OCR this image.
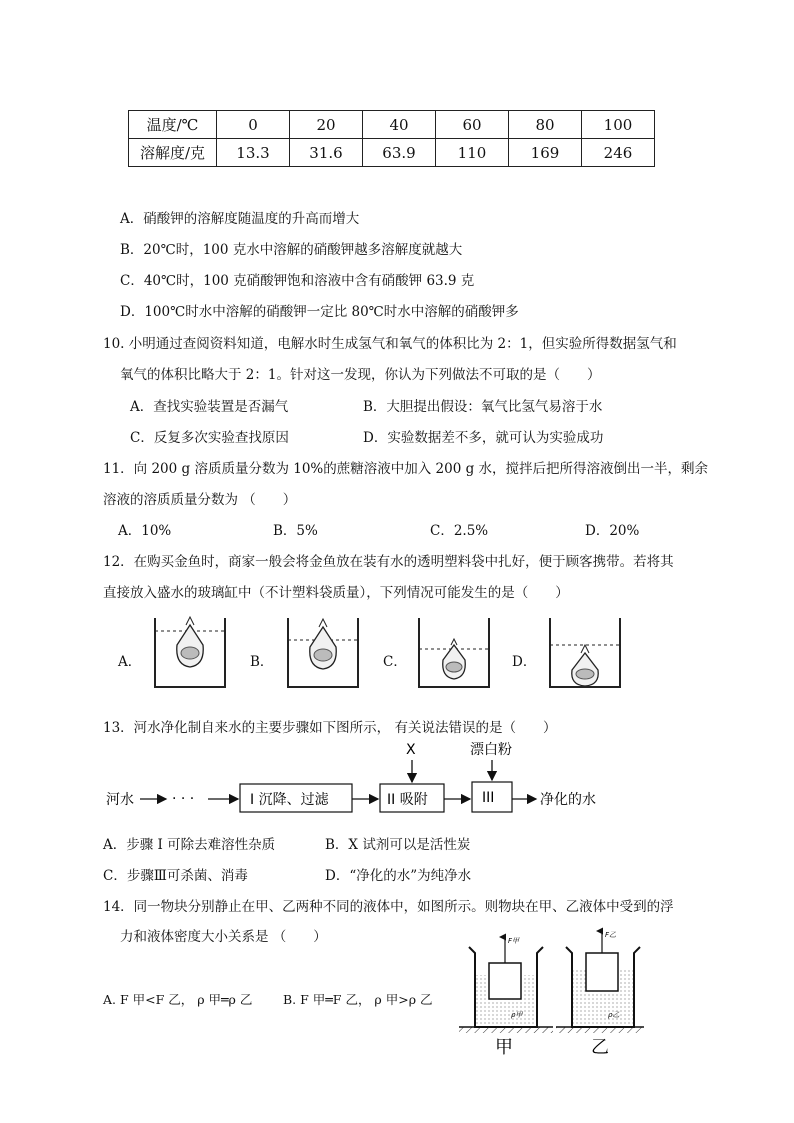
温度/℃	0	20	40	60	80	100
溶解度/克	13.3	31.6	63.9	110	169	246
A．硝酸钾的溶解度随温度的升高而增大
B．20℃时，100 克水中溶解的硝酸钾越多溶解度就越大
C．40℃时，100 克硝酸钾饱和溶液中含有硝酸钾 63.9 克
D．100℃时水中溶解的硝酸钾一定比 80℃时水中溶解的硝酸钾多
10. 小明通过查阅资料知道，电解水时生成氢气和氧气的体积比为 2：1，但实验所得数据氢气和
氧气的体积比略大于 2：1。针对这一发现，你认为下列做法不可取的是（　　）
A．查找实验装置是否漏气	B．大胆提出假设：氧气比氢气易溶于水
C．反复多次实验查找原因	D．实验数据差不多，就可认为实验成功
11．向 200 g 溶质质量分数为 10%的蔗糖溶液中加入 200 g 水，搅拌后把所得溶液倒出一半，剩余
溶液的溶质质量分数为 （　　）
A．10%	B．5%	C．2.5%	D．20%
12．在购买金鱼时，商家一般会将金鱼放在装有水的透明塑料袋中扎好，便于顾客携带。若将其
直接放入盛水的玻璃缸中（不计塑料袋质量），下列情况可能发生的是（　　）
A．	B．	C．	D．
13．河水净化制自来水的主要步骤如下图所示， 有关说法错误的是（　　）
河水	· · ·	I 沉降、过滤	II 吸附
X
III
漂白粉
净化的水
A．步骤 I 可除去难溶性杂质	B．X 试剂可以是活性炭
C．步骤Ⅲ可杀菌、消毒	D．“净化的水”为纯净水
14．同一物块分别静止在甲、乙两种不同的液体中，如图所示。则物块在甲、乙液体中受到的浮
力和液体密度大小关系是 （　　）
A. F 甲<F 乙， ρ 甲═ρ 乙 B. F 甲═F 乙， ρ 甲>ρ 乙
F甲
ρ甲
F乙
ρ乙
甲	乙
